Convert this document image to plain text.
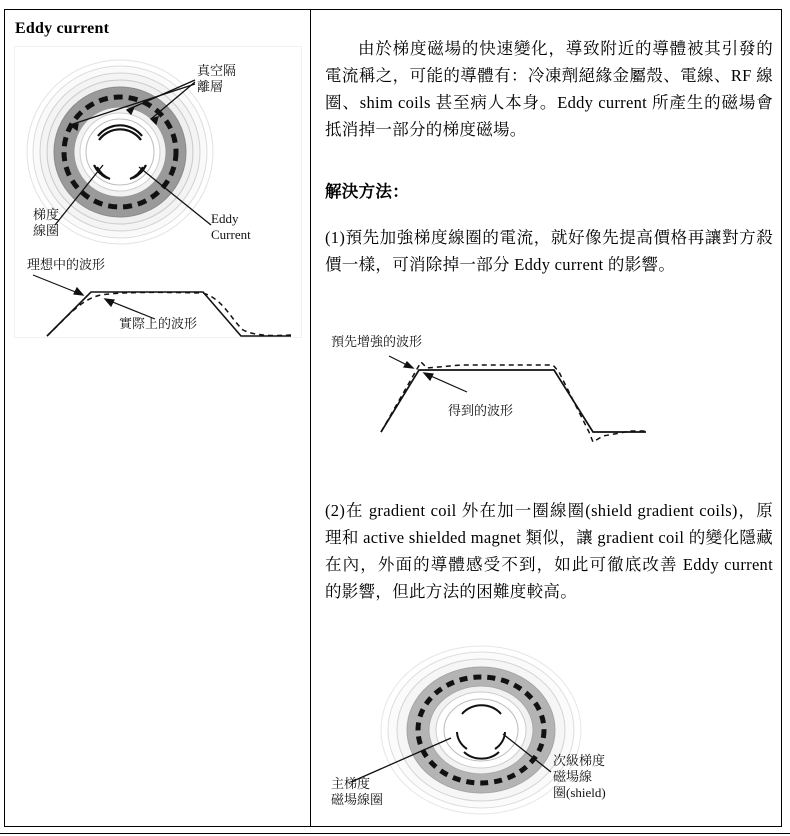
Eddy current
真空隔
離層
梯度
線圈
Eddy
Current
理想中的波形
實際上的波形

由於梯度磁場的快速變化，導致附近的導體被其引發的電流稱之，可能的導體有：冷凍劑絕緣金屬殼、電線、RF 線圈、shim coils 甚至病人本身。Eddy current 所產生的磁場會抵消掉一部分的梯度磁場。

解決方法：

(1)預先加強梯度線圈的電流，就好像先提高價格再讓對方殺價一樣，可消除掉一部分 Eddy current 的影響。

預先增強的波形
得到的波形

(2)在 gradient coil 外在加一圈線圈(shield gradient coils)，原理和 active shielded magnet 類似，讓 gradient coil 的變化隱藏在內，外面的導體感受不到，如此可徹底改善 Eddy current 的影響，但此方法的困難度較高。

主梯度
磁場線圈
次級梯度
磁場線
圈(shield)
